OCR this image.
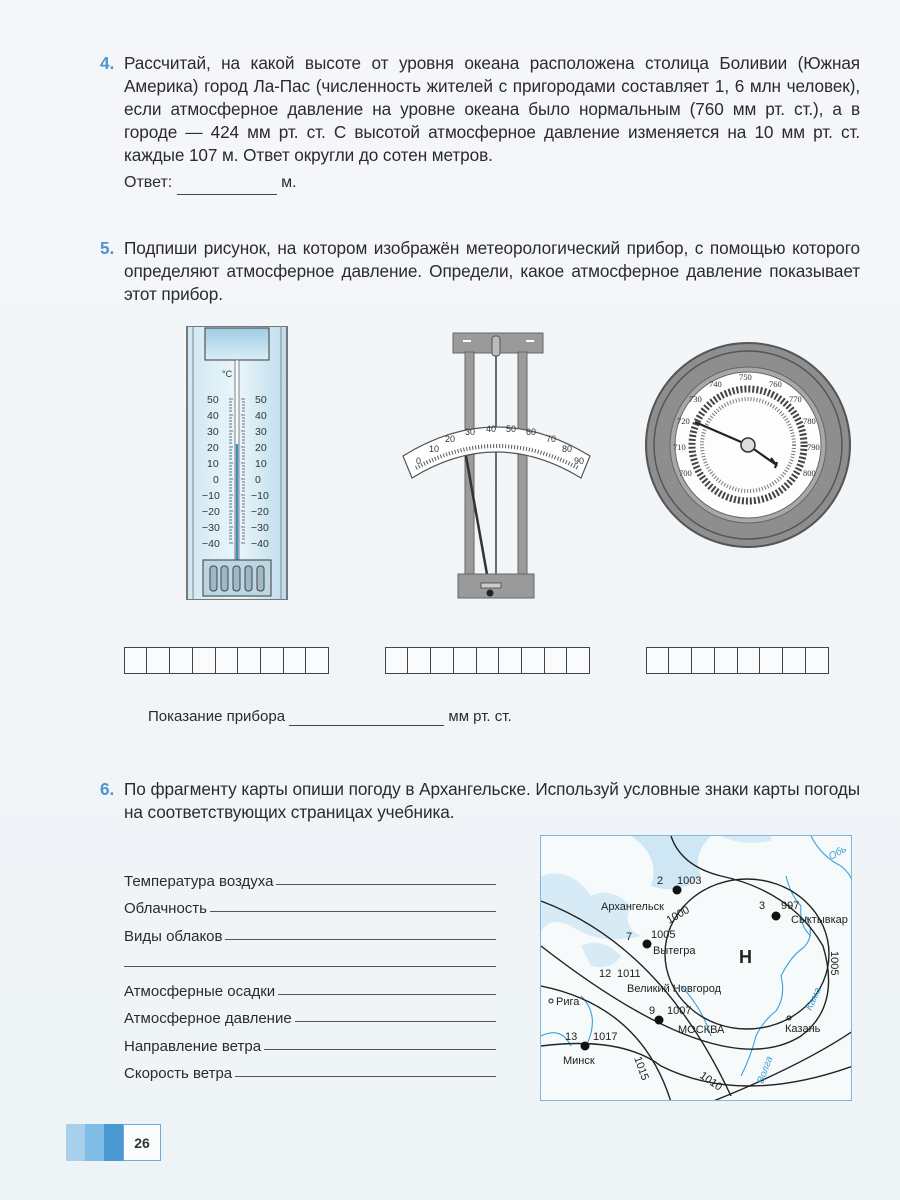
4. Рассчитай, на какой высоте от уровня океана расположена столица Боливии (Южная Америка) город Ла-Пас (численность жителей с пригородами составляет 1, 6 млн человек), если атмосферное давление на уровне океана было нормальным (760 мм рт. ст.), а в городе — 424 мм рт. ст. С высотой атмосферное давление изменяется на 10 мм рт. ст. каждые 107 м. Ответ округли до сотен метров.

Ответ:	м.
5. Подпиши рисунок, на котором изображён метеорологический прибор, с помощью которого определяют атмосферное давление. Определи, какое атмосферное давление показывает этот прибор.

°C
50
40
30
20
10
0
−10
−20
−30
−40
50
40
30
20
10
0
−10
−20
−30
−40
0
10
20
30 40 50 60
70
80
90
750
740	760
730	770
720	780
710	790
700	800
Показание прибора	мм рт. ст.
6. По фрагменту карты опиши погоду в Архангельске. Используй условные знаки карты погоды на соответствующих страницах учебника.

Температура воздуха
Облачность
Виды облаков
Атмосферные осадки
Атмосферное давление
Направление ветра
Скорость ветра
1000
1005
1010
1015
Кама
Волга
Обь
2 1003
Архангельск	3 997
Сыктывкар
7 1005
Вытегра
12 1011
Великий Новгород
9 1007
МОСКВА
13 1017
Минск
Рига
Казань
Н
26
